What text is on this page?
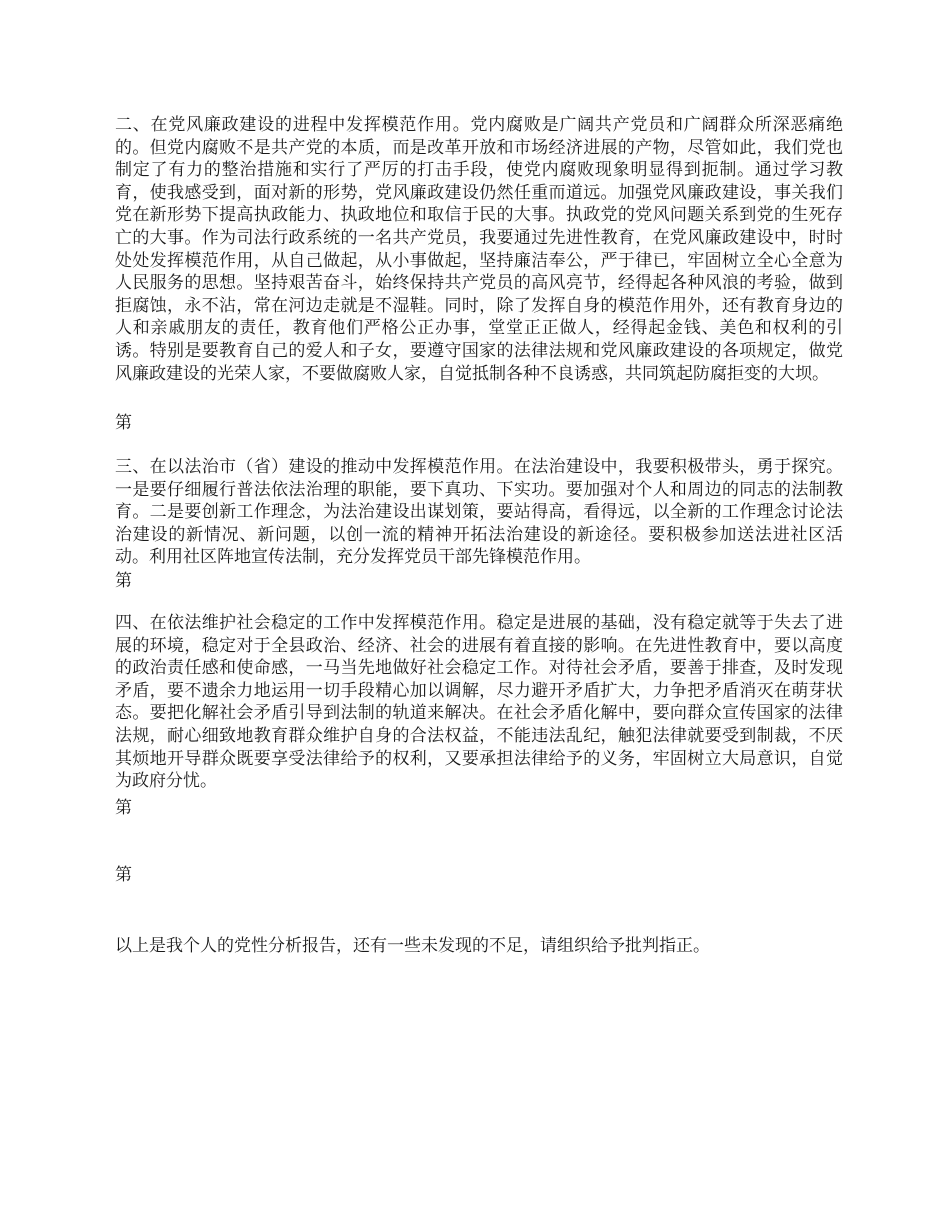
二、在党风廉政建设的进程中发挥模范作用。党内腐败是广阔共产党员和广阔群众所深恶痛绝的。但党内腐败不是共产党的本质，而是改革开放和市场经济进展的产物，尽管如此，我们党也制定了有力的整治措施和实行了严厉的打击手段，使党内腐败现象明显得到扼制。通过学习教育，使我感受到，面对新的形势，党风廉政建设仍然任重而道远。加强党风廉政建设，事关我们党在新形势下提高执政能力、执政地位和取信于民的大事。执政党的党风问题关系到党的生死存亡的大事。作为司法行政系统的一名共产党员，我要通过先进性教育，在党风廉政建设中，时时处处发挥模范作用，从自己做起，从小事做起，坚持廉洁奉公，严于律已，牢固树立全心全意为人民服务的思想。坚持艰苦奋斗，始终保持共产党员的高风亮节，经得起各种风浪的考验，做到拒腐蚀，永不沾，常在河边走就是不湿鞋。同时，除了发挥自身的模范作用外，还有教育身边的人和亲戚朋友的责任，教育他们严格公正办事，堂堂正正做人，经得起金钱、美色和权利的引诱。特别是要教育自己的爱人和子女，要遵守国家的法律法规和党风廉政建设的各项规定，做党风廉政建设的光荣人家，不要做腐败人家，自觉抵制各种不良诱惑，共同筑起防腐拒变的大坝。

第

三、在以法治市（省）建设的推动中发挥模范作用。在法治建设中，我要积极带头，勇于探究。一是要仔细履行普法依法治理的职能，要下真功、下实功。要加强对个人和周边的同志的法制教育。二是要创新工作理念，为法治建设出谋划策，要站得高，看得远，以全新的工作理念讨论法治建设的新情况、新问题，以创一流的精神开拓法治建设的新途径。要积极参加送法进社区活动。利用社区阵地宣传法制，充分发挥党员干部先锋模范作用。

第

四、在依法维护社会稳定的工作中发挥模范作用。稳定是进展的基础，没有稳定就等于失去了进展的环境，稳定对于全县政治、经济、社会的进展有着直接的影响。在先进性教育中，要以高度的政治责任感和使命感，一马当先地做好社会稳定工作。对待社会矛盾，要善于排查，及时发现矛盾，要不遗余力地运用一切手段精心加以调解，尽力避开矛盾扩大，力争把矛盾消灭在萌芽状态。要把化解社会矛盾引导到法制的轨道来解决。在社会矛盾化解中，要向群众宣传国家的法律法规，耐心细致地教育群众维护自身的合法权益，不能违法乱纪，触犯法律就要受到制裁，不厌其烦地开导群众既要享受法律给予的权利，又要承担法律给予的义务，牢固树立大局意识，自觉为政府分忧。

第

第

以上是我个人的党性分析报告，还有一些未发现的不足，请组织给予批判指正。
